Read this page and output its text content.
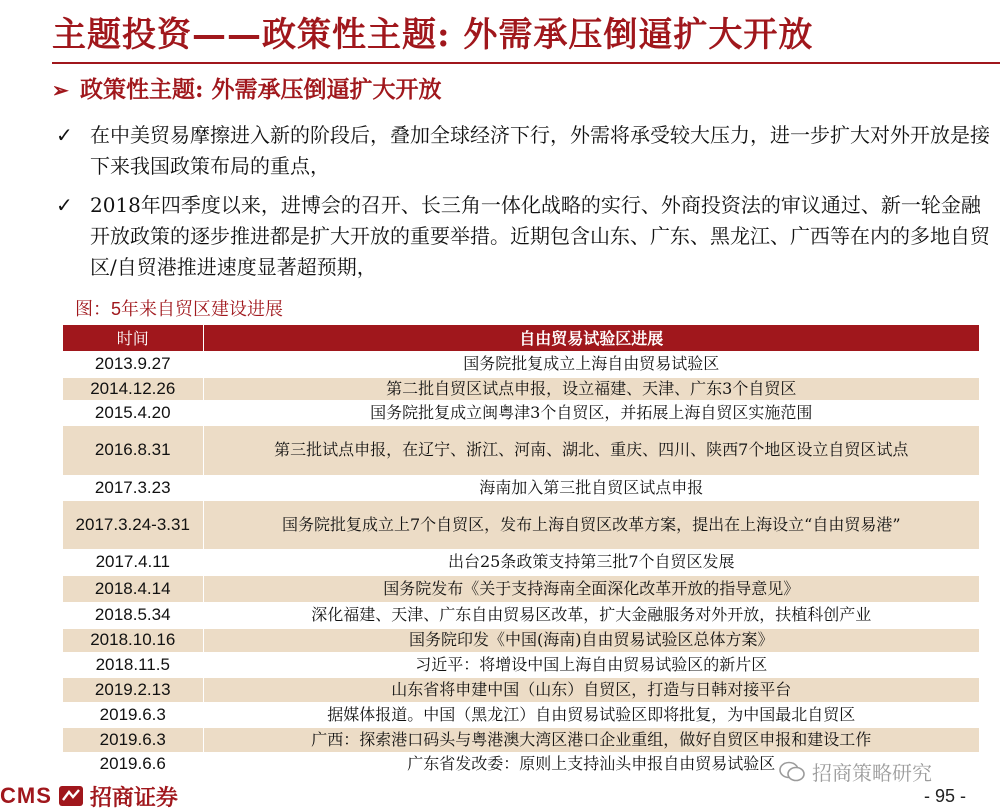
主题投资——政策性主题: 外需承压倒逼扩大开放
➢ 政策性主题: 外需承压倒逼扩大开放
✓ 在中美贸易摩擦进入新的阶段后，叠加全球经济下行，外需将承受较大压力，进一步扩大对外开放是接下来我国政策布局的重点，
✓ 2018年四季度以来，进博会的召开、长三角一体化战略的实行、外商投资法的审议通过、新一轮金融开放政策的逐步推进都是扩大开放的重要举措。近期包含山东、广东、黑龙江、广西等在内的多地自贸区/自贸港推进速度显著超预期，
图：5年来自贸区建设进展
时间	自由贸易试验区进展
2013.9.27	国务院批复成立上海自由贸易试验区
2014.12.26	第二批自贸区试点申报，设立福建、天津、广东3个自贸区
2015.4.20	国务院批复成立闽粤津3个自贸区，并拓展上海自贸区实施范围
2016.8.31	第三批试点申报，在辽宁、浙江、河南、湖北、重庆、四川、陕西7个地区设立自贸区试点
2017.3.23	海南加入第三批自贸区试点申报
2017.3.24-3.31	国务院批复成立上7个自贸区，发布上海自贸区改革方案，提出在上海设立“自由贸易港”
2017.4.11	出台25条政策支持第三批7个自贸区发展
2018.4.14	国务院发布《关于支持海南全面深化改革开放的指导意见》
2018.5.34	深化福建、天津、广东自由贸易区改革，扩大金融服务对外开放，扶植科创产业
2018.10.16	国务院印发《中国(海南)自由贸易试验区总体方案》
2018.11.5	习近平：将增设中国上海自由贸易试验区的新片区
2019.2.13	山东省将申建中国（山东）自贸区，打造与日韩对接平台
2019.6.3	据媒体报道。中国（黑龙江）自由贸易试验区即将批复，为中国最北自贸区
2019.6.3	广西：探索港口码头与粤港澳大湾区港口企业重组，做好自贸区申报和建设工作
2019.6.6	广东省发改委：原则上支持汕头申报自由贸易试验区
CMS 招商证券
招商策略研究
- 95 -
